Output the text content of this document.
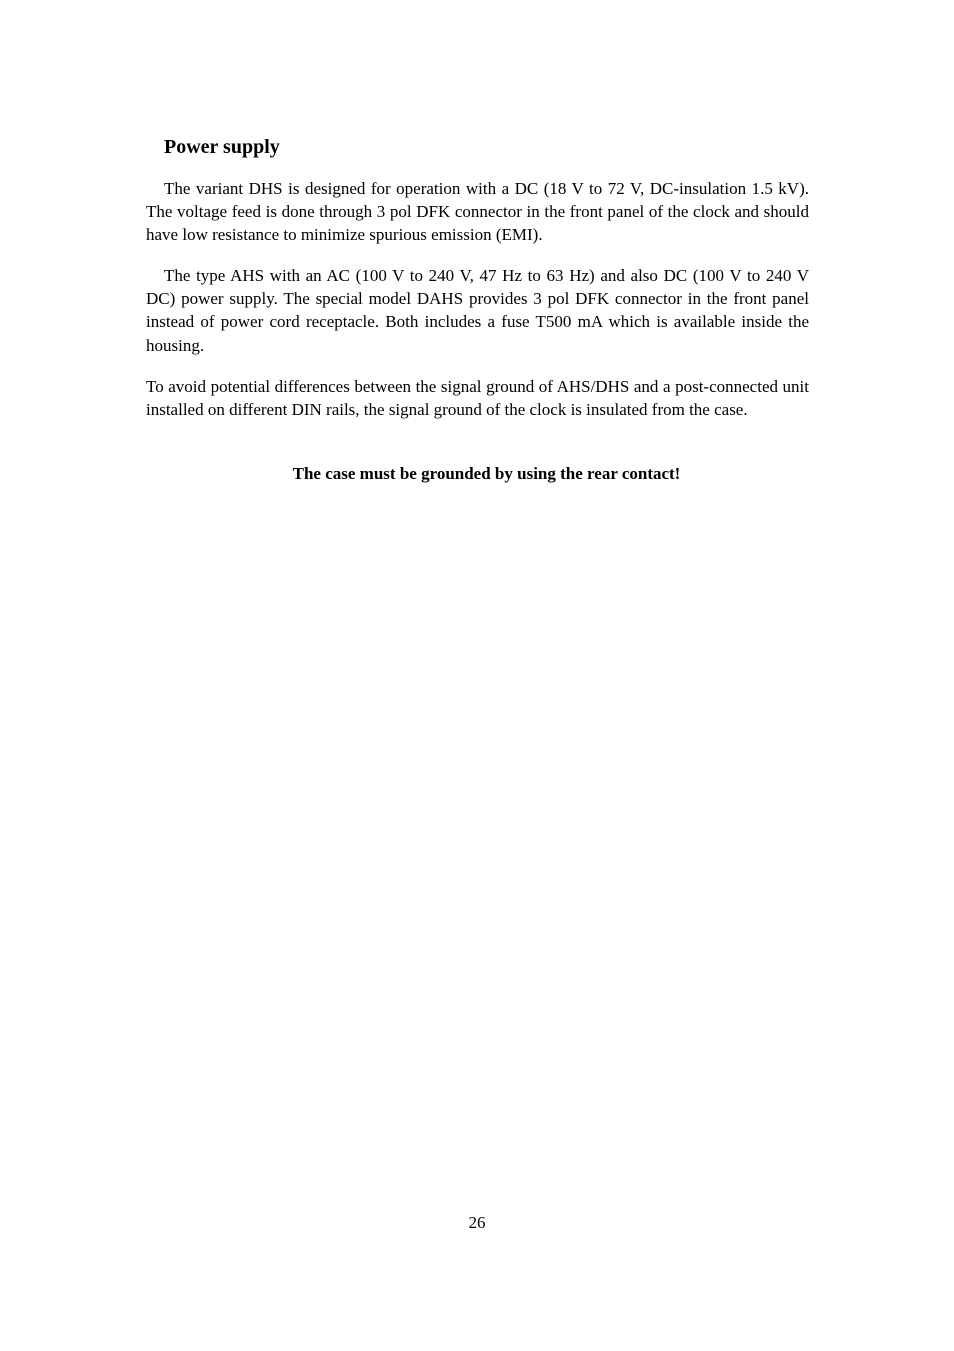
Power supply

The variant DHS is designed for operation with a DC (18 V to 72 V, DC-insulation 1.5 kV). The voltage feed is done through 3 pol DFK connector in the front panel of the clock and should have low resistance to minimize spurious emission (EMI).

The type AHS with an AC (100 V to 240 V, 47 Hz to 63 Hz) and also DC (100 V to 240 V DC) power supply. The special model DAHS provides 3 pol DFK connector in the front panel instead of power cord receptacle. Both includes a fuse T500 mA which is available inside the housing.

To avoid potential differences between the signal ground of AHS/DHS and a post-connected unit installed on different DIN rails, the signal ground of the clock is insulated from the case.

The case must be grounded by using the rear contact!

26
